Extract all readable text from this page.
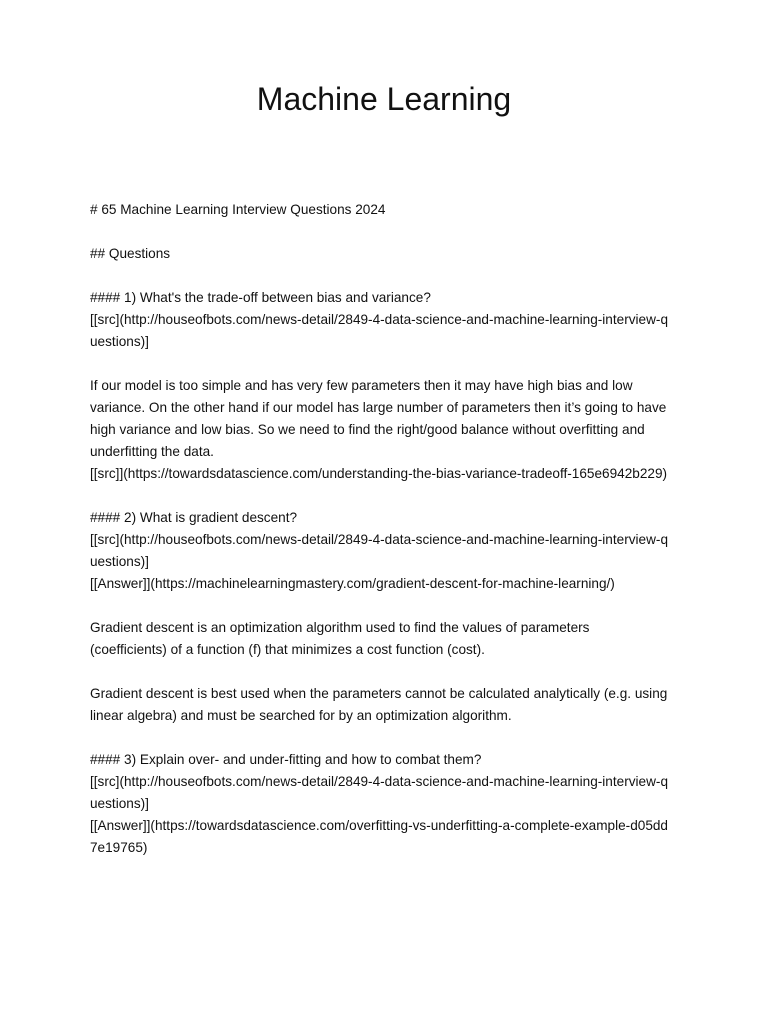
Machine Learning
# 65 Machine Learning Interview Questions 2024
## Questions
#### 1) What's the trade-off between bias and variance?
[[src](http://houseofbots.com/news-detail/2849-4-data-science-and-machine-learning-interview-q
uestions)]
If our model is too simple and has very few parameters then it may have high bias and low
variance. On the other hand if our model has large number of parameters then it’s going to have
high variance and low bias. So we need to find the right/good balance without overfitting and
underfitting the data.
[[src]](https://towardsdatascience.com/understanding-the-bias-variance-tradeoff-165e6942b229)
#### 2) What is gradient descent?
[[src](http://houseofbots.com/news-detail/2849-4-data-science-and-machine-learning-interview-q
uestions)]
[[Answer]](https://machinelearningmastery.com/gradient-descent-for-machine-learning/)
Gradient descent is an optimization algorithm used to find the values of parameters
(coefficients) of a function (f) that minimizes a cost function (cost).
Gradient descent is best used when the parameters cannot be calculated analytically (e.g. using
linear algebra) and must be searched for by an optimization algorithm.
#### 3) Explain over- and under-fitting and how to combat them?
[[src](http://houseofbots.com/news-detail/2849-4-data-science-and-machine-learning-interview-q
uestions)]
[[Answer]](https://towardsdatascience.com/overfitting-vs-underfitting-a-complete-example-d05dd
7e19765)
